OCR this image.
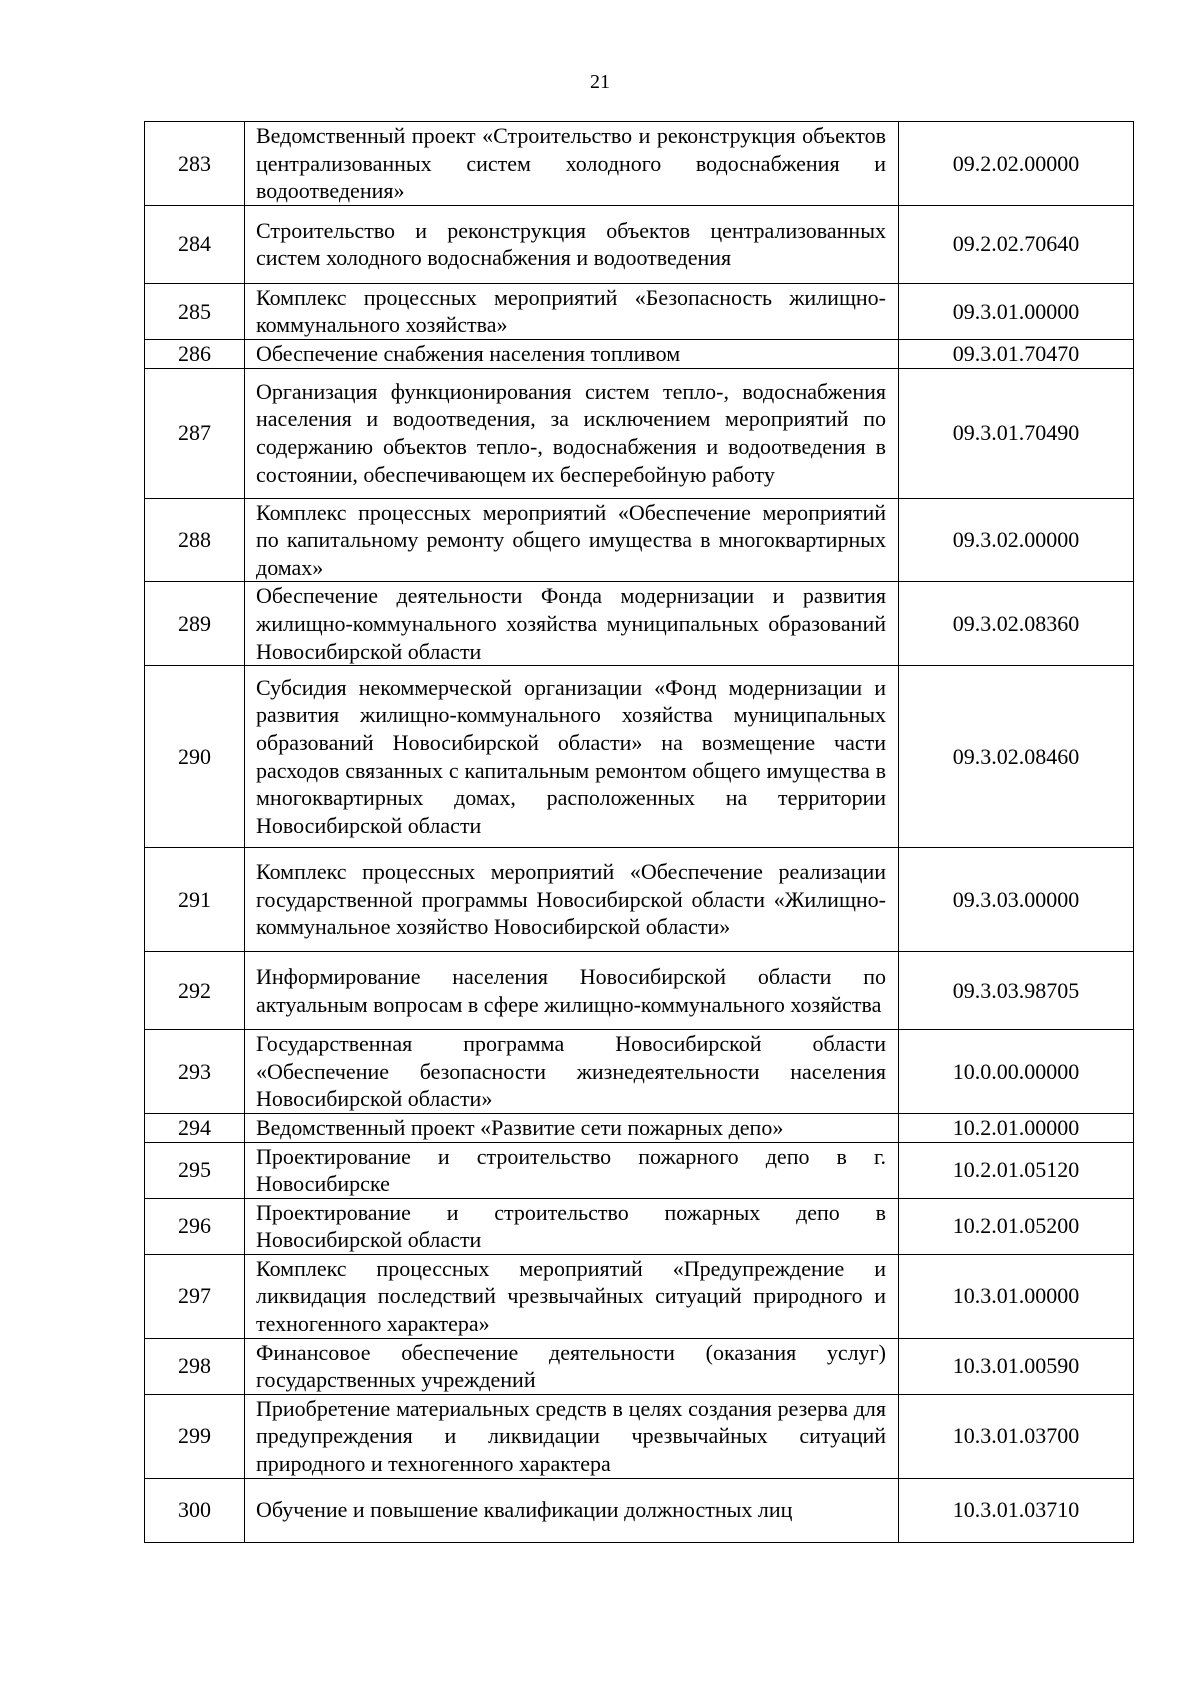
21
283	Ведомственный проект «Строительство и реконструкция объектов централизованных систем холодного водоснабжения и водоотведения»	09.2.02.00000
284	Строительство и реконструкция объектов централизованных систем холодного водоснабжения и водоотведения	09.2.02.70640
285	Комплекс процессных мероприятий «Безопасность жилищно-коммунального хозяйства»	09.3.01.00000
286	Обеспечение снабжения населения топливом	09.3.01.70470
287	Организация функционирования систем тепло-, водоснабжения населения и водоотведения, за исключением мероприятий по содержанию объектов тепло-, водоснабжения и водоотведения в состоянии, обеспечивающем их бесперебойную работу	09.3.01.70490
288	Комплекс процессных мероприятий «Обеспечение мероприятий по капитальному ремонту общего имущества в многоквартирных домах»	09.3.02.00000
289	Обеспечение деятельности Фонда модернизации и развития жилищно-коммунального хозяйства муниципальных образований Новосибирской области	09.3.02.08360
290	Субсидия некоммерческой организации «Фонд модернизации и развития жилищно-коммунального хозяйства муниципальных образований Новосибирской области» на возмещение части расходов связанных с капитальным ремонтом общего имущества в многоквартирных домах, расположенных на территории Новосибирской области	09.3.02.08460
291	Комплекс процессных мероприятий «Обеспечение реализации государственной программы Новосибирской области «Жилищно-коммунальное хозяйство Новосибирской области»	09.3.03.00000
292	Информирование населения Новосибирской области по актуальным вопросам в сфере жилищно-коммунального хозяйства	09.3.03.98705
293	Государственная программа Новосибирской области «Обеспечение безопасности жизнедеятельности населения Новосибирской области»	10.0.00.00000
294	Ведомственный проект «Развитие сети пожарных депо»	10.2.01.00000
295	Проектирование и строительство пожарного депо в г. Новосибирске	10.2.01.05120
296	Проектирование и строительство пожарных депо в Новосибирской области	10.2.01.05200
297	Комплекс процессных мероприятий «Предупреждение и ликвидация последствий чрезвычайных ситуаций природного и техногенного характера»	10.3.01.00000
298	Финансовое обеспечение деятельности (оказания услуг) государственных учреждений	10.3.01.00590
299	Приобретение материальных средств в целях создания резерва для предупреждения и ликвидации чрезвычайных ситуаций природного и техногенного характера	10.3.01.03700
300	Обучение и повышение квалификации должностных лиц	10.3.01.03710
